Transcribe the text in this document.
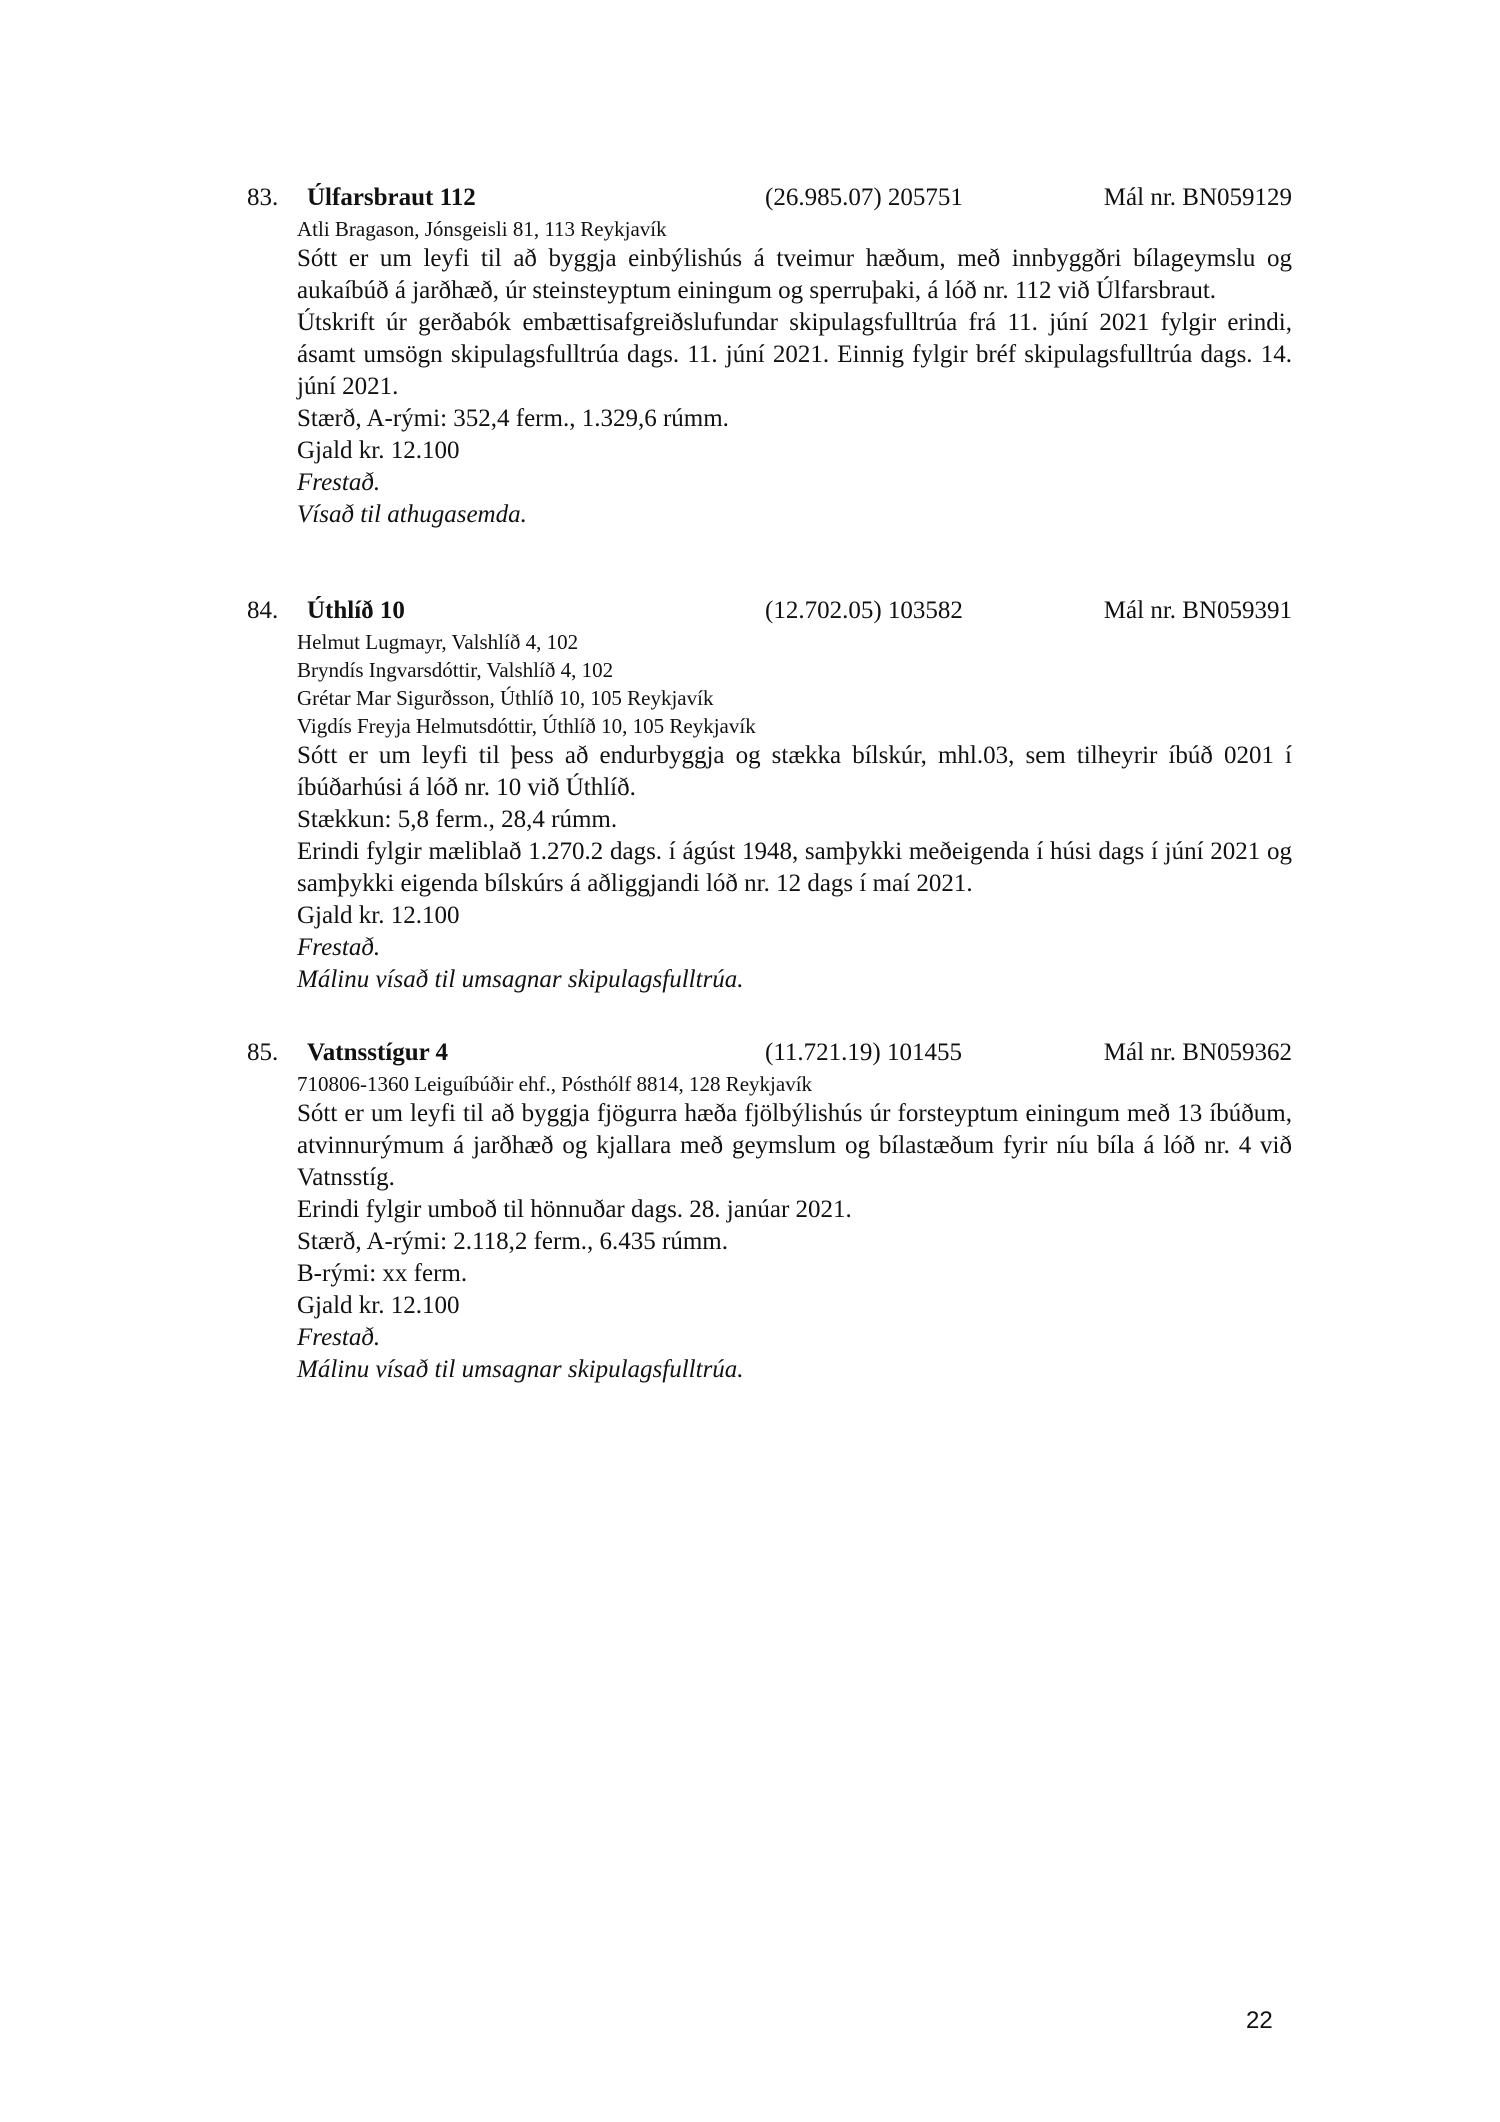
83. Úlfarsbraut 112	(26.985.07) 205751	Mál nr. BN059129
Atli Bragason, Jónsgeisli 81, 113 Reykjavík

Sótt er um leyfi til að byggja einbýlishús á tveimur hæðum, með innbyggðri bílageymslu og aukaíbúð á jarðhæð, úr steinsteyptum einingum og sperruþaki, á lóð nr. 112 við Úlfarsbraut.

Útskrift úr gerðabók embættisafgreiðslufundar skipulagsfulltrúa frá 11. júní 2021 fylgir erindi, ásamt umsögn skipulagsfulltrúa dags. 11. júní 2021. Einnig fylgir bréf skipulagsfulltrúa dags. 14. júní 2021.

Stærð, A-rými: 352,4 ferm., 1.329,6 rúmm.
Gjald kr. 12.100
Frestað.
Vísað til athugasemda.
84. Úthlíð 10	(12.702.05) 103582	Mál nr. BN059391
Helmut Lugmayr, Valshlíð 4, 102
Bryndís Ingvarsdóttir, Valshlíð 4, 102
Grétar Mar Sigurðsson, Úthlíð 10, 105 Reykjavík
Vigdís Freyja Helmutsdóttir, Úthlíð 10, 105 Reykjavík

Sótt er um leyfi til þess að endurbyggja og stækka bílskúr, mhl.03, sem tilheyrir íbúð 0201 í íbúðarhúsi á lóð nr. 10 við Úthlíð.

Stækkun: 5,8 ferm., 28,4 rúmm.

Erindi fylgir mæliblað 1.270.2 dags. í ágúst 1948, samþykki meðeigenda í húsi dags í júní 2021 og samþykki eigenda bílskúrs á aðliggjandi lóð nr. 12 dags í maí 2021.

Gjald kr. 12.100
Frestað.
Málinu vísað til umsagnar skipulagsfulltrúa.
85. Vatnsstígur 4	(11.721.19) 101455	Mál nr. BN059362
710806-1360 Leiguíbúðir ehf., Pósthólf 8814, 128 Reykjavík

Sótt er um leyfi til að byggja fjögurra hæða fjölbýlishús úr forsteyptum einingum með 13 íbúðum, atvinnurýmum á jarðhæð og kjallara með geymslum og bílastæðum fyrir níu bíla á lóð nr. 4 við Vatnsstíg.

Erindi fylgir umboð til hönnuðar dags. 28. janúar 2021.
Stærð, A-rými: 2.118,2 ferm., 6.435 rúmm.
B-rými: xx ferm.
Gjald kr. 12.100
Frestað.
Málinu vísað til umsagnar skipulagsfulltrúa.
22
